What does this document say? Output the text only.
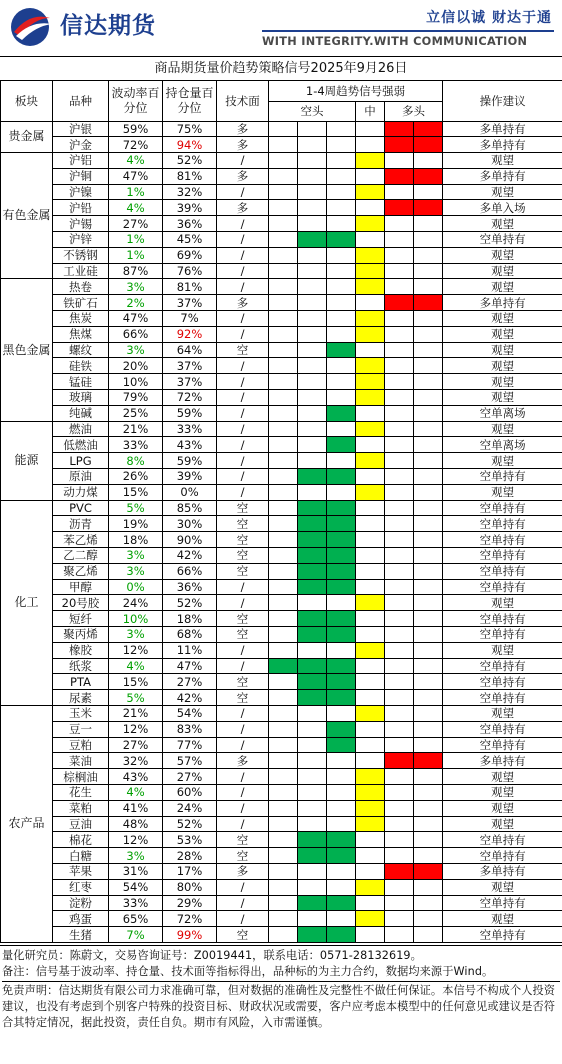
信达期货	立信以诚 财达于通
WITH INTEGRITY.WITH COMMUNICATION
商品期货量价趋势策略信号2025年9月26日
板块	品种	波动率百分位	持仓量百分位	技术面	1-4周趋势信号强弱						操作建议
					空头			中	多头		
贵金属	沪银	59%	75%	多							多单持有
	沪金	72%	94%	多							多单持有
有色金属	沪铝	4%	52%	/							观望
	沪铜	47%	81%	多							多单持有
	沪镍	1%	32%	/							观望
	沪铅	4%	39%	多							多单入场
	沪锡	27%	36%	/							观望
	沪锌	1%	45%	/							空单持有
	不锈钢	1%	69%	/							观望
	工业硅	87%	76%	/							观望
黑色金属	热卷	3%	81%	/							观望
	铁矿石	2%	37%	多							多单持有
	焦炭	47%	7%	/							观望
	焦煤	66%	92%	/							观望
	螺纹	3%	64%	空							观望
	硅铁	20%	37%	/							观望
	锰硅	10%	37%	/							观望
	玻璃	79%	72%	/							观望
	纯碱	25%	59%	/							空单离场
能源	燃油	21%	33%	/							观望
	低燃油	33%	43%	/							空单离场
	LPG	8%	59%	/							观望
	原油	26%	39%	/							空单持有
	动力煤	15%	0%	/							观望
化工	PVC	5%	85%	空							空单持有
	沥青	19%	30%	空							空单持有
	苯乙烯	18%	90%	空							空单持有
	乙二醇	3%	42%	空							空单持有
	聚乙烯	3%	66%	空							空单持有
	甲醇	0%	36%	/							空单持有
	20号胶	24%	52%	/							观望
	短纤	10%	18%	空							空单持有
	聚丙烯	3%	68%	空							空单持有
	橡胶	12%	11%	/							观望
	纸浆	4%	47%	/							空单持有
	PTA	15%	27%	空							空单持有
	尿素	5%	42%	空							空单持有
农产品	玉米	21%	54%	/							观望
	豆一	12%	83%	/							空单持有
	豆粕	27%	77%	/							空单持有
	菜油	32%	57%	多							多单持有
	棕榈油	43%	27%	/							观望
	花生	4%	60%	/							观望
	菜粕	41%	24%	/							观望
	豆油	48%	52%	/							观望
	棉花	12%	53%	空							空单持有
	白糖	3%	28%	空							空单持有
	苹果	31%	17%	多							多单持有
	红枣	54%	80%	/							观望
	淀粉	33%	29%	/							空单持有
	鸡蛋	65%	72%	/							观望
	生猪	7%	99%	空							空单持有

量化研究员：陈蔚文，交易咨询证号：Z0019441，联系电话：0571-28132619。

备注：信号基于波动率、持仓量、技术面等指标得出，品种标的为主力合约，数据均来源于Wind。

免责声明：信达期货有限公司力求准确可靠，但对数据的准确性及完整性不做任何保证。本信号不构成个人投资建议，也没有考虑到个别客户特殊的投资目标、财政状况或需要，客户应考虑本模型中的任何意见或建议是否符合其特定情况，据此投资，责任自负。期市有风险，入市需谨慎。
